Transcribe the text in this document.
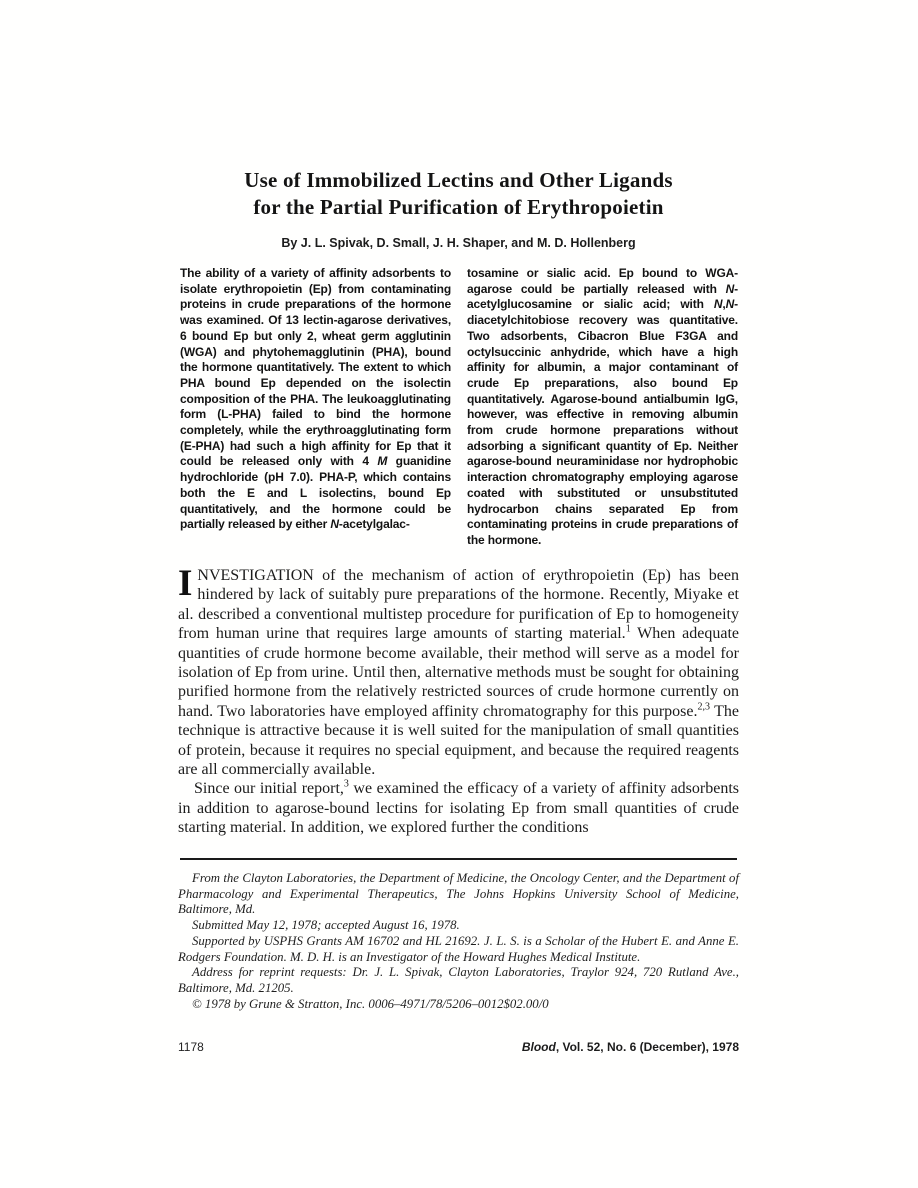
Use of Immobilized Lectins and Other Ligands
for the Partial Purification of Erythropoietin
By J. L. Spivak, D. Small, J. H. Shaper, and M. D. Hollenberg
The ability of a variety of affinity adsorbents to isolate erythropoietin (Ep) from contaminating proteins in crude preparations of the hormone was examined. Of 13 lectin-agarose derivatives, 6 bound Ep but only 2, wheat germ agglutinin (WGA) and phytohemagglutinin (PHA), bound the hormone quantitatively. The extent to which PHA bound Ep depended on the isolectin composition of the PHA. The leukoagglutinating form (L-PHA) failed to bind the hormone completely, while the erythroagglutinating form (E-PHA) had such a high affinity for Ep that it could be released only with 4 M guanidine hydrochloride (pH 7.0). PHA-P, which contains both the E and L isolectins, bound Ep quantitatively, and the hormone could be partially released by either N-acetylgalac-
tosamine or sialic acid. Ep bound to WGA-agarose could be partially released with N-acetylglucosamine or sialic acid; with N,N-diacetylchitobiose recovery was quantitative. Two adsorbents, Cibacron Blue F3GA and octylsuccinic anhydride, which have a high affinity for albumin, a major contaminant of crude Ep preparations, also bound Ep quantitatively. Agarose-bound antialbumin IgG, however, was effective in removing albumin from crude hormone preparations without adsorbing a significant quantity of Ep. Neither agarose-bound neuraminidase nor hydrophobic interaction chromatography employing agarose coated with substituted or unsubstituted hydrocarbon chains separated Ep from contaminating proteins in crude preparations of the hormone.

INVESTIGATION of the mechanism of action of erythropoietin (Ep) has been hindered by lack of suitably pure preparations of the hormone. Recently, Miyake et al. described a conventional multistep procedure for purification of Ep to homogeneity from human urine that requires large amounts of starting material.$^1$ When adequate quantities of crude hormone become available, their method will serve as a model for isolation of Ep from urine. Until then, alternative methods must be sought for obtaining purified hormone from the relatively restricted sources of crude hormone currently on hand. Two laboratories have employed affinity chromatography for this purpose.$^{2,3}$ The technique is attractive because it is well suited for the manipulation of small quantities of protein, because it requires no special equipment, and because the required reagents are all commercially available.

Since our initial report,$^3$ we examined the efficacy of a variety of affinity adsorbents in addition to agarose-bound lectins for isolating Ep from small quantities of crude starting material. In addition, we explored further the conditions

From the Clayton Laboratories, the Department of Medicine, the Oncology Center, and the Department of Pharmacology and Experimental Therapeutics, The Johns Hopkins University School of Medicine, Baltimore, Md.

Submitted May 12, 1978; accepted August 16, 1978.

Supported by USPHS Grants AM 16702 and HL 21692. J. L. S. is a Scholar of the Hubert E. and Anne E. Rodgers Foundation. M. D. H. is an Investigator of the Howard Hughes Medical Institute.

Address for reprint requests: Dr. J. L. Spivak, Clayton Laboratories, Traylor 924, 720 Rutland Ave., Baltimore, Md. 21205.

© 1978 by Grune & Stratton, Inc. 0006–4971/78/5206–0012$02.00/0

1178	Blood, Vol. 52, No. 6 (December), 1978
